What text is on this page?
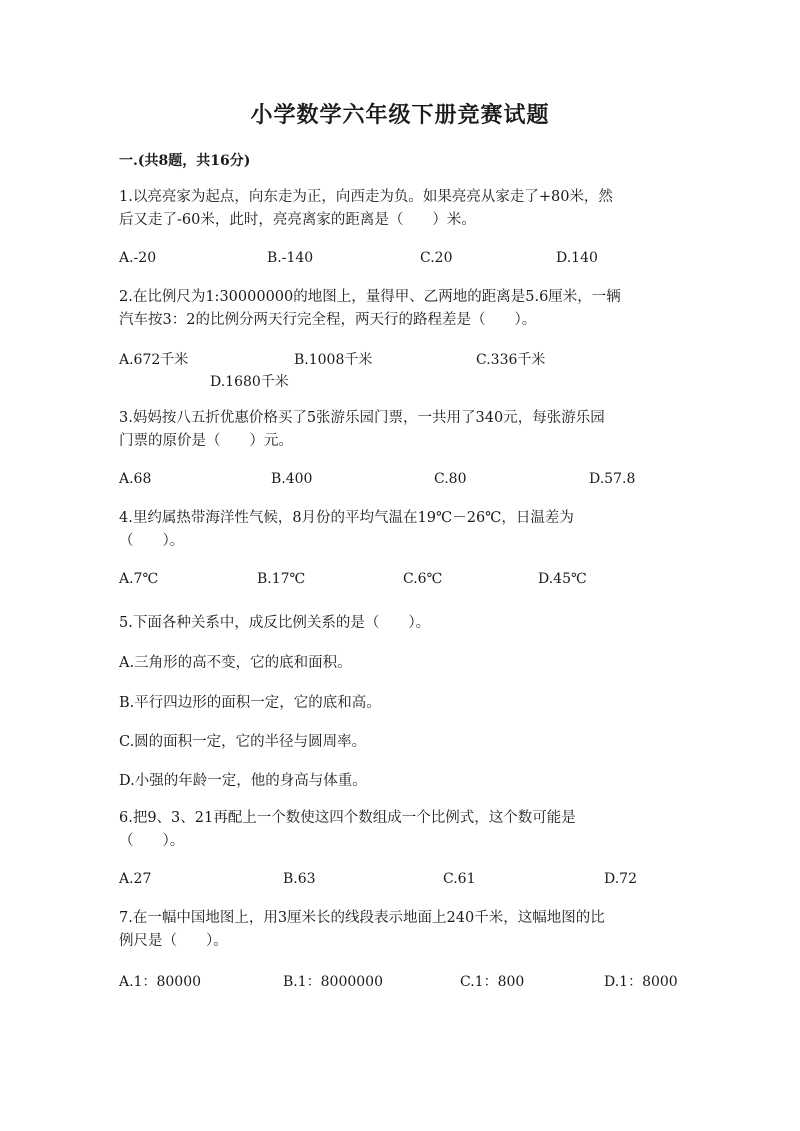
小学数学六年级下册竞赛试题
一.(共8题，共16分)

1.以亮亮家为起点，向东走为正，向西走为负。如果亮亮从家走了+80米，然

后又走了-60米，此时，亮亮离家的距离是（　　）米。

A.-20	B.-140	C.20	D.140

2.在比例尺为1:30000000的地图上，量得甲、乙两地的距离是5.6厘米，一辆

汽车按3：2的比例分两天行完全程，两天行的路程差是（　　）。

A.672千米	B.1008千米	C.336千米
D.1680千米

3.妈妈按八五折优惠价格买了5张游乐园门票，一共用了340元，每张游乐园

门票的原价是（　　）元。

A.68	B.400	C.80	D.57.8

4.里约属热带海洋性气候，8月份的平均气温在19℃－26℃，日温差为

（　　）。

A.7℃	B.17℃	C.6℃	D.45℃
5.下面各种关系中，成反比例关系的是（　　）。
A.三角形的高不变，它的底和面积。
B.平行四边形的面积一定，它的底和高。
C.圆的面积一定，它的半径与圆周率。
D.小强的年龄一定，他的身高与体重。

6.把9、3、21再配上一个数使这四个数组成一个比例式，这个数可能是

（　　）。

A.27	B.63	C.61	D.72

7.在一幅中国地图上，用3厘米长的线段表示地面上240千米，这幅地图的比

例尺是（　　）。

A.1：80000	B.1：8000000	C.1：800	D.1：8000
